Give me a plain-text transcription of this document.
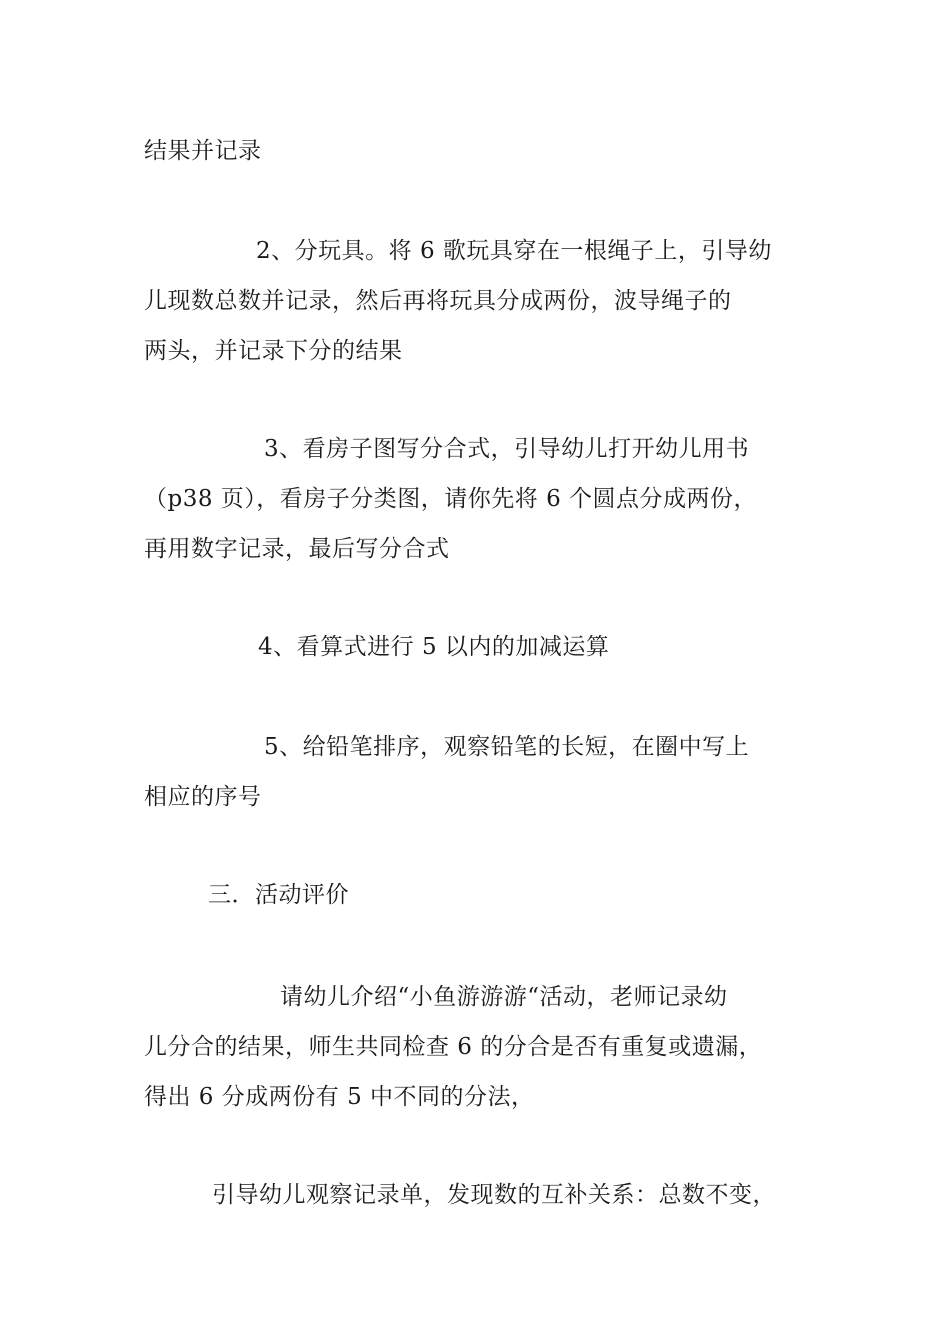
结果并记录

2、分玩具。将 6 歌玩具穿在一根绳子上，引导幼
儿现数总数并记录，然后再将玩具分成两份，波导绳子的
两头，并记录下分的结果

3、看房子图写分合式，引导幼儿打开幼儿用书
（p38 页），看房子分类图，请你先将 6 个圆点分成两份，
再用数字记录，最后写分合式

4、看算式进行 5 以内的加减运算

5、给铅笔排序，观察铅笔的长短，在圈中写上
相应的序号

三．活动评价

请幼儿介绍“小鱼游游游“活动，老师记录幼
儿分合的结果，师生共同检查 6 的分合是否有重复或遗漏，
得出 6 分成两份有 5 中不同的分法，

引导幼儿观察记录单，发现数的互补关系：总数不变，
